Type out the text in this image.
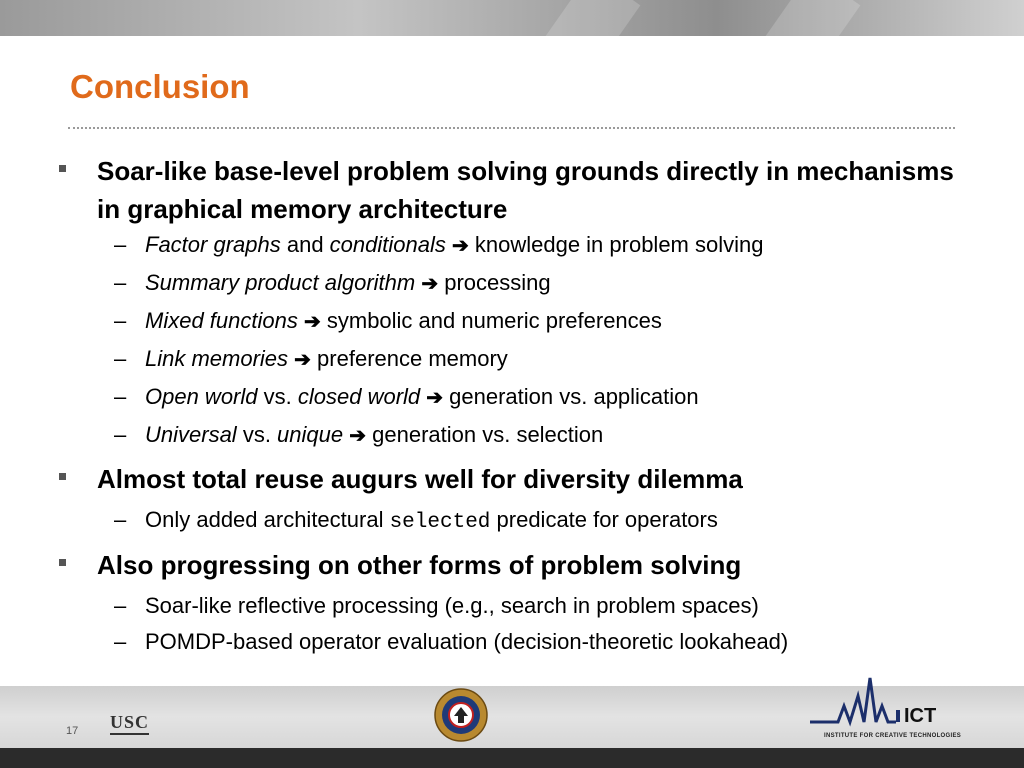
Conclusion
Soar-like base-level problem solving grounds directly in mechanisms in graphical memory architecture
– Factor graphs and conditionals ➔ knowledge in problem solving
– Summary product algorithm ➔ processing
– Mixed functions ➔ symbolic and numeric preferences
– Link memories ➔ preference memory
– Open world vs. closed world ➔ generation vs. application
– Universal vs. unique ➔ generation vs. selection
Almost total reuse augurs well for diversity dilemma
– Only added architectural selected predicate for operators
Also progressing on other forms of problem solving
– Soar-like reflective processing (e.g., search in problem spaces)
– POMDP-based operator evaluation (decision-theoretic lookahead)
17 USC	ICT
INSTITUTE FOR CREATIVE TECHNOLOGIES
